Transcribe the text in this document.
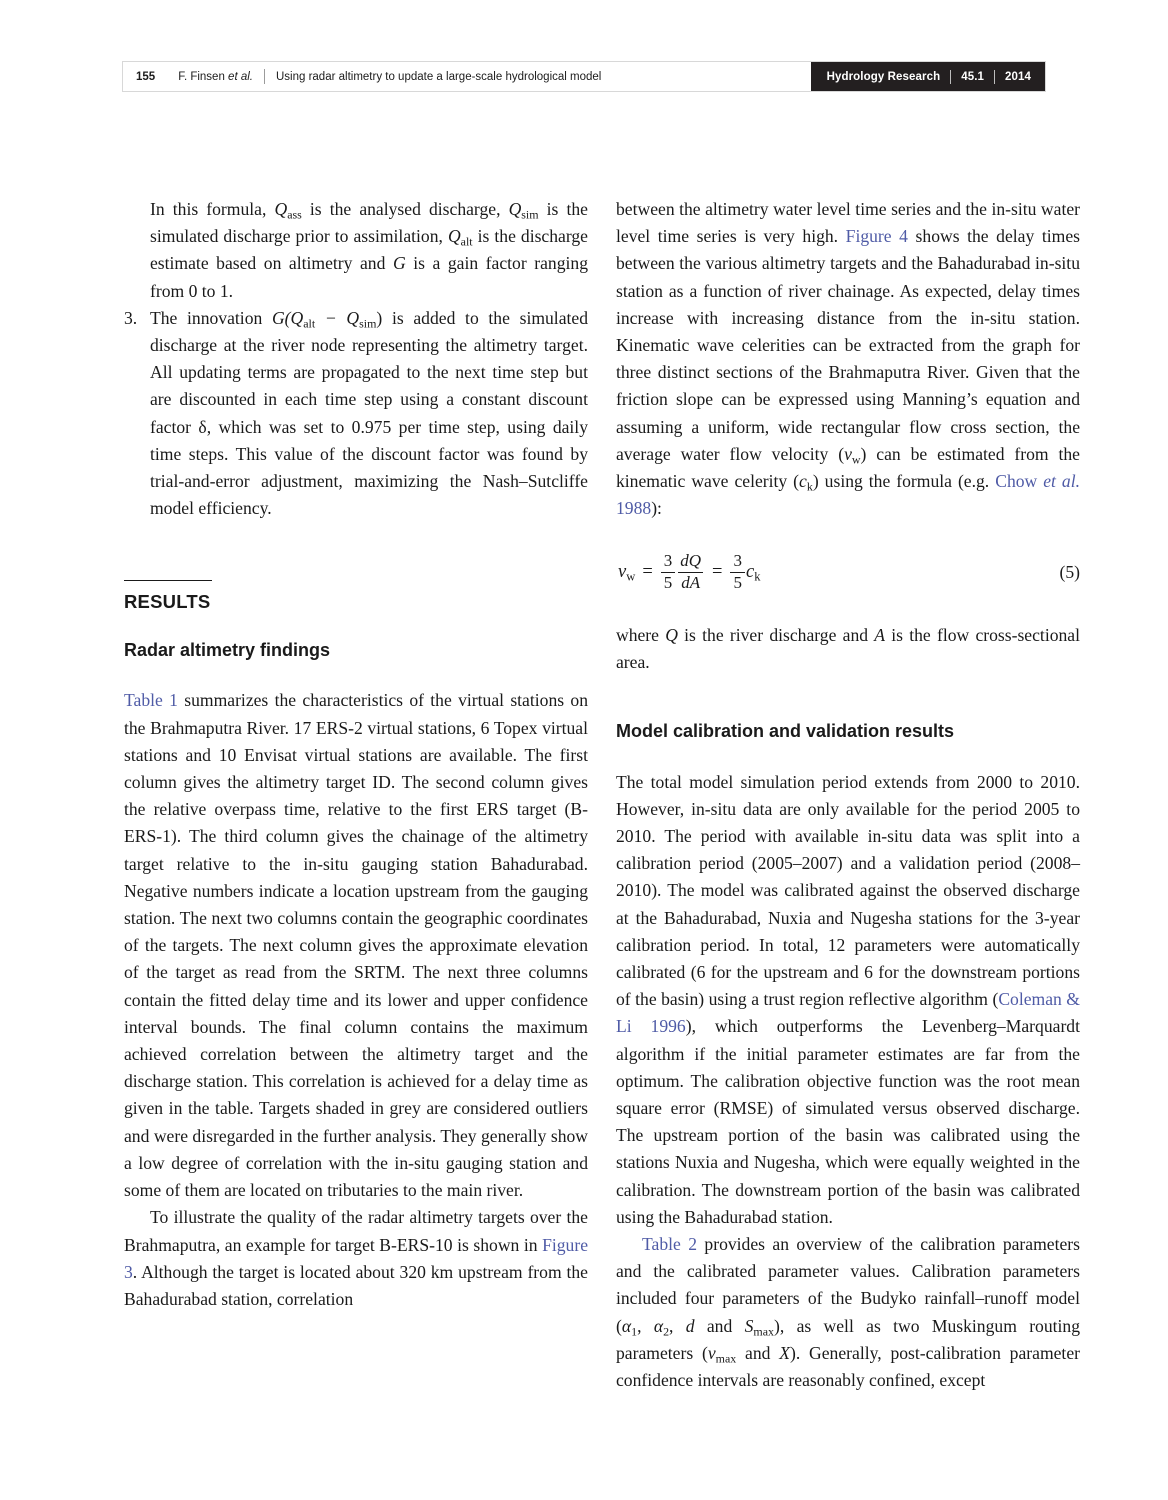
155 F. Finsen et al. Using radar altimetry to update a large-scale hydrological model	Hydrology Research 45.1 2014

In this formula, $Q_{ass}$ is the analysed discharge, $Q_{sim}$ is the simulated discharge prior to assimilation, $Q_{alt}$ is the discharge estimate based on altimetry and G is a gain factor ranging from 0 to 1.

3. The innovation $G(Q_{alt} - Q_{sim})$ is added to the simulated discharge at the river node representing the altimetry target. All updating terms are propagated to the next time step but are discounted in each time step using a constant discount factor δ, which was set to 0.975 per time step, using daily time steps. This value of the discount factor was found by trial-and-error adjustment, maximizing the Nash–Sutcliffe model efficiency.

RESULTS
Radar altimetry findings

Table 1 summarizes the characteristics of the virtual stations on the Brahmaputra River. 17 ERS-2 virtual stations, 6 Topex virtual stations and 10 Envisat virtual stations are available. The first column gives the altimetry target ID. The second column gives the relative overpass time, relative to the first ERS target (B-ERS-1). The third column gives the chainage of the altimetry target relative to the in-situ gauging station Bahadurabad. Negative numbers indicate a location upstream from the gauging station. The next two columns contain the geographic coordinates of the targets. The next column gives the approximate elevation of the target as read from the SRTM. The next three columns contain the fitted delay time and its lower and upper confidence interval bounds. The final column contains the maximum achieved correlation between the altimetry target and the discharge station. This correlation is achieved for a delay time as given in the table. Targets shaded in grey are considered outliers and were disregarded in the further analysis. They generally show a low degree of correlation with the in-situ gauging station and some of them are located on tributaries to the main river.

To illustrate the quality of the radar altimetry targets over the Brahmaputra, an example for target B-ERS-10 is shown in Figure 3. Although the target is located about 320 km upstream from the Bahadurabad station, correlation

between the altimetry water level time series and the in-situ water level time series is very high. Figure 4 shows the delay times between the various altimetry targets and the Bahadurabad in-situ station as a function of river chainage. As expected, delay times increase with increasing distance from the in-situ station. Kinematic wave celerities can be extracted from the graph for three distinct sections of the Brahmaputra River. Given that the friction slope can be expressed using Manning’s equation and assuming a uniform, wide rectangular flow cross section, the average water flow velocity $(v_w)$ can be estimated from the kinematic wave celerity $(c_k)$ using the formula (e.g. Chow et al. 1988):

$v_w = \frac{3}{5} \frac{dQ}{dA} = \frac{3}{5} c_k$	(5)

where Q is the river discharge and A is the flow cross-sectional area.

Model calibration and validation results

The total model simulation period extends from 2000 to 2010. However, in-situ data are only available for the period 2005 to 2010. The period with available in-situ data was split into a calibration period (2005–2007) and a validation period (2008–2010). The model was calibrated against the observed discharge at the Bahadurabad, Nuxia and Nugesha stations for the 3-year calibration period. In total, 12 parameters were automatically calibrated (6 for the upstream and 6 for the downstream portions of the basin) using a trust region reflective algorithm (Coleman & Li 1996), which outperforms the Levenberg–Marquardt algorithm if the initial parameter estimates are far from the optimum. The calibration objective function was the root mean square error (RMSE) of simulated versus observed discharge. The upstream portion of the basin was calibrated using the stations Nuxia and Nugesha, which were equally weighted in the calibration. The downstream portion of the basin was calibrated using the Bahadurabad station.

Table 2 provides an overview of the calibration parameters and the calibrated parameter values. Calibration parameters included four parameters of the Budyko rainfall–runoff model ($\alpha_1$, $\alpha_2$, d and $S_{max}$), as well as two Muskingum routing parameters ($v_{max}$ and X). Generally, post-calibration parameter confidence intervals are reasonably confined, except
